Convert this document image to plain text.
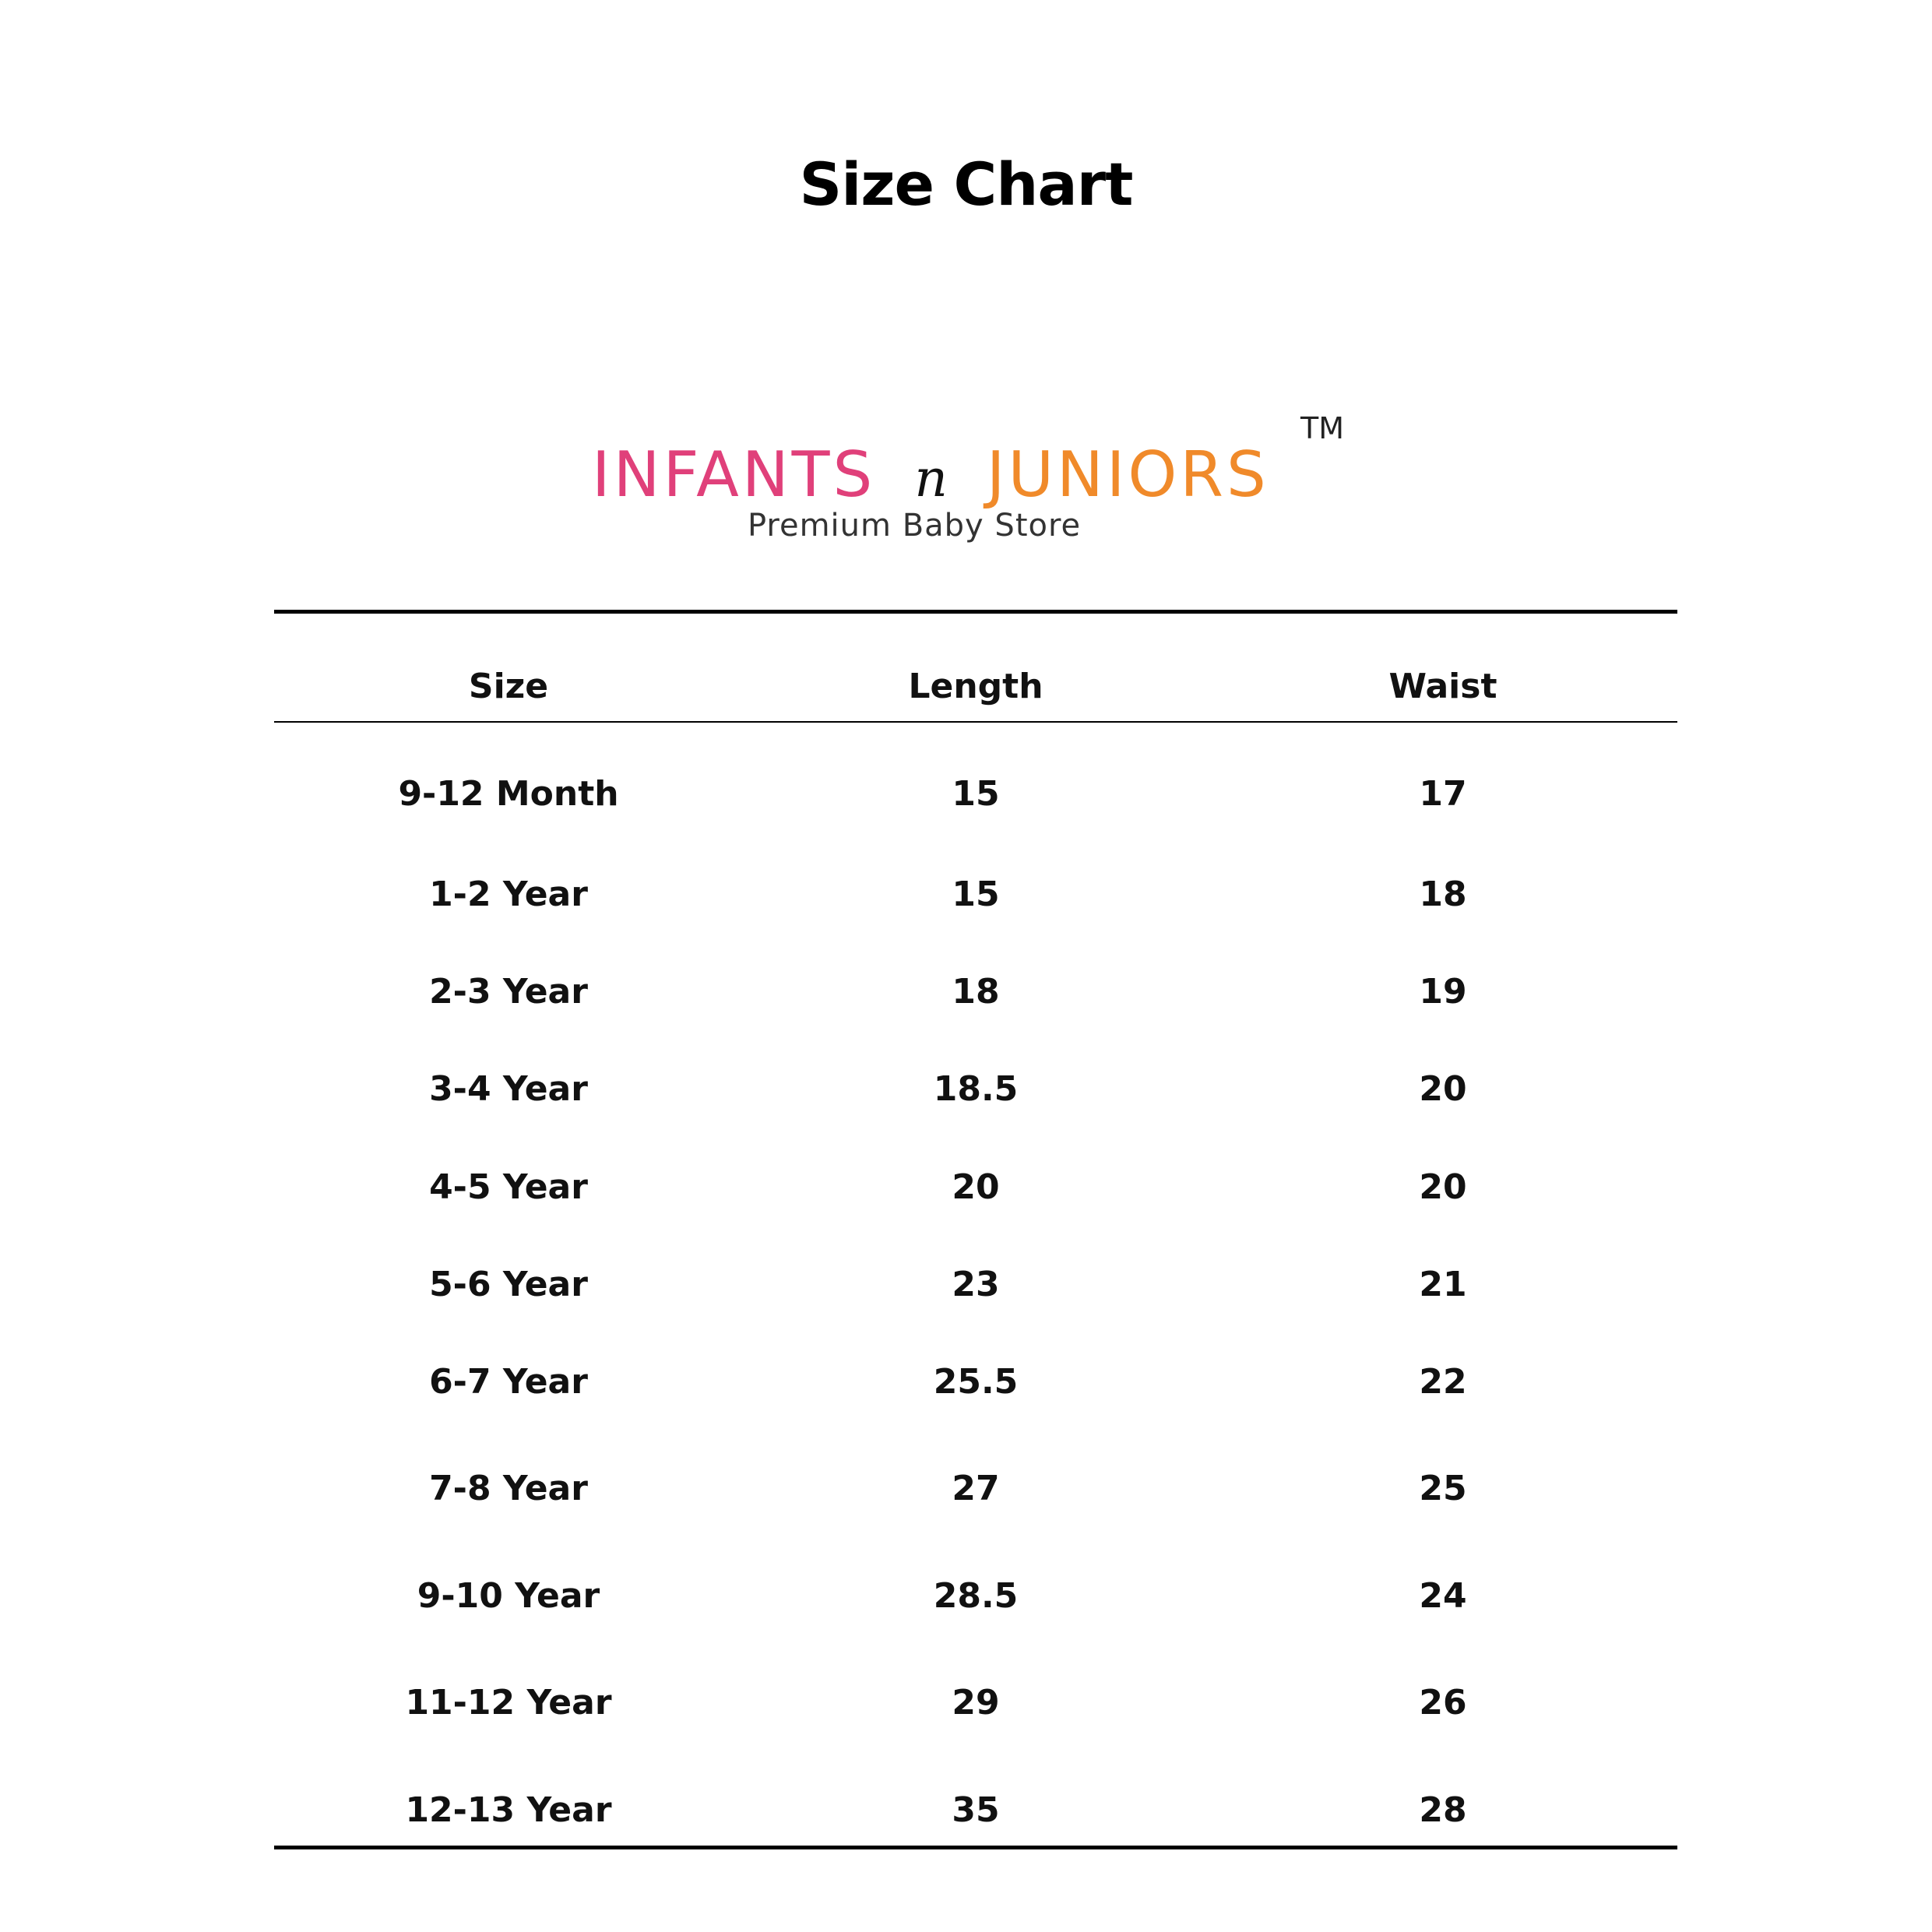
Size Chart
INFANTS n JUNIORS
TM
Premium Baby Store
Size	Length	Waist
9-12 Month	15	17
1-2 Year	15	18
2-3 Year	18	19
3-4 Year	18.5	20
4-5 Year	20	20
5-6 Year	23	21
6-7 Year	25.5	22
7-8 Year	27	25
9-10 Year	28.5	24
11-12 Year	29	26
12-13 Year	35	28
